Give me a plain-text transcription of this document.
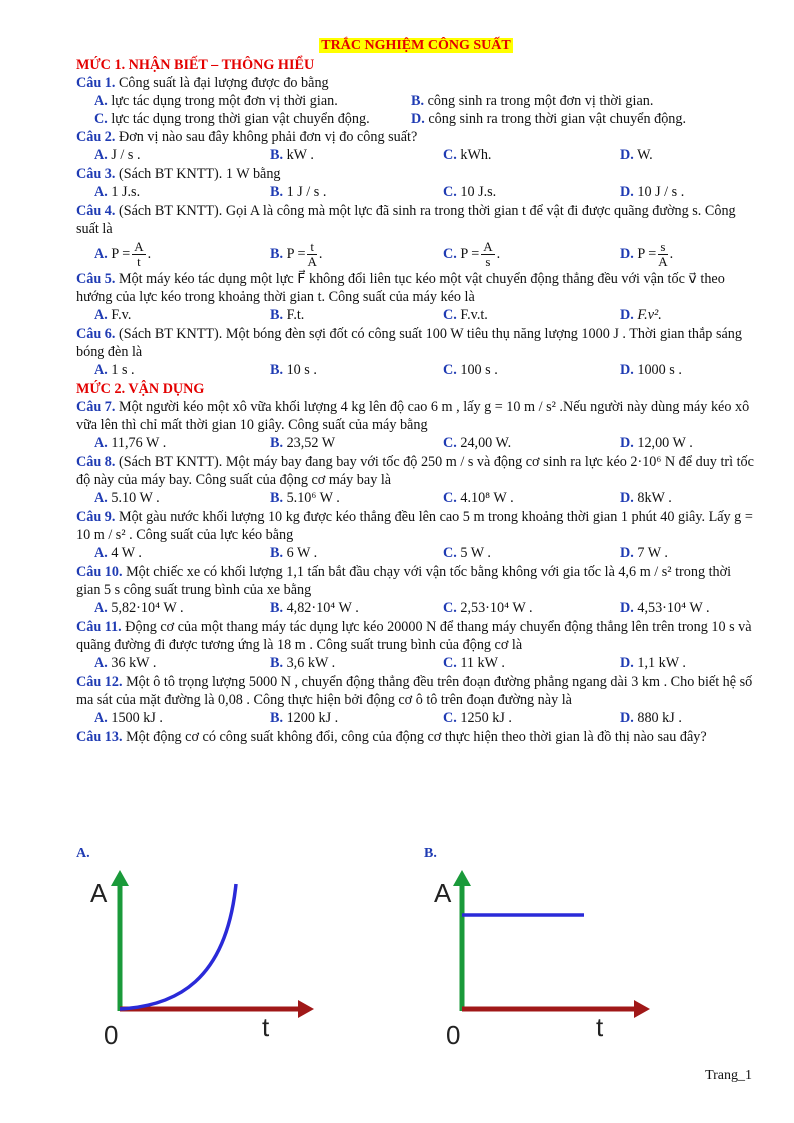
TRẮC NGHIỆM CÔNG SUẤT
MỨC 1. NHẬN BIẾT – THÔNG HIỂU
Câu 1. Công suất là đại lượng được đo bằng
A. lực tác dụng trong một đơn vị thời gian.	B. công sinh ra trong một đơn vị thời gian.
C. lực tác dụng trong thời gian vật chuyển động.	D. công sinh ra trong thời gian vật chuyển động.
Câu 2. Đơn vị nào sau đây không phải đơn vị đo công suất?
A. J / s .	B. kW .	C. kWh.	D. W.
Câu 3. (Sách BT KNTT). 1 W bằng
A. 1 J.s.	B. 1 J / s .	C. 10 J.s.	D. 10 J / s .
Câu 4. (Sách BT KNTT). Gọi A là công mà một lực đã sinh ra trong thời gian t để vật đi được quãng đường s. Công suất là
A. $P = \frac{A}{t}$ .	B. $P = \frac{t}{A}$ .	C. $P = \frac{A}{s}$ .	D. $P = \frac{s}{A}$ .
Câu 5. Một máy kéo tác dụng một lực F⃗ không đổi liên tục kéo một vật chuyển động thẳng đều với vận tốc v⃗ theo hướng của lực kéo trong khoảng thời gian t. Công suất của máy kéo là
A. F.v.	B. F.t.	C. F.v.t.	D. F.v².
Câu 6. (Sách BT KNTT). Một bóng đèn sợi đốt có công suất 100 W tiêu thụ năng lượng 1000 J . Thời gian thắp sáng bóng đèn là
A. 1 s .	B. 10 s .	C. 100 s .	D. 1000 s .
MỨC 2. VẬN DỤNG
Câu 7. Một người kéo một xô vữa khối lượng 4 kg lên độ cao 6 m , lấy g = 10 m / s² .Nếu người này dùng máy kéo xô vữa lên thì chỉ mất thời gian 10 giây. Công suất của máy bằng
A. 11,76 W .	B. 23,52 W	C. 24,00 W.	D. 12,00 W .
Câu 8. (Sách BT KNTT). Một máy bay đang bay với tốc độ 250 m / s và động cơ sinh ra lực kéo 2·10⁶ N để duy trì tốc độ này của máy bay. Công suất của động cơ máy bay là
A. 5.10 W .	B. 5.10⁶ W .	C. 4.10⁸ W .	D. 8kW .
Câu 9. Một gàu nước khối lượng 10 kg được kéo thẳng đều lên cao 5 m trong khoảng thời gian 1 phút 40 giây. Lấy g = 10 m / s² . Công suất của lực kéo bằng
A. 4 W .	B. 6 W .	C. 5 W .	D. 7 W .
Câu 10. Một chiếc xe có khối lượng 1,1 tấn bắt đầu chạy với vận tốc bằng không với gia tốc là 4,6 m / s² trong thời gian 5 s công suất trung bình của xe bằng
A. 5,82·10⁴ W .	B. 4,82·10⁴ W .	C. 2,53·10⁴ W .	D. 4,53·10⁴ W .
Câu 11. Động cơ của một thang máy tác dụng lực kéo 20000 N để thang máy chuyển động thẳng lên trên trong 10 s và quãng đường đi được tương ứng là 18 m . Công suất trung bình của động cơ là
A. 36 kW .	B. 3,6 kW .	C. 11 kW .	D. 1,1 kW .
Câu 12. Một ô tô trọng lượng 5000 N , chuyển động thẳng đều trên đoạn đường phẳng ngang dài 3 km . Cho biết hệ số ma sát của mặt đường là 0,08 . Công thực hiện bởi động cơ ô tô trên đoạn đường này là
A. 1500 kJ .	B. 1200 kJ .	C. 1250 kJ .	D. 880 kJ .
Câu 13. Một động cơ có công suất không đổi, công của động cơ thực hiện theo thời gian là đồ thị nào sau đây?
A.	B.
A
t
0
A
t
0
Trang_1
